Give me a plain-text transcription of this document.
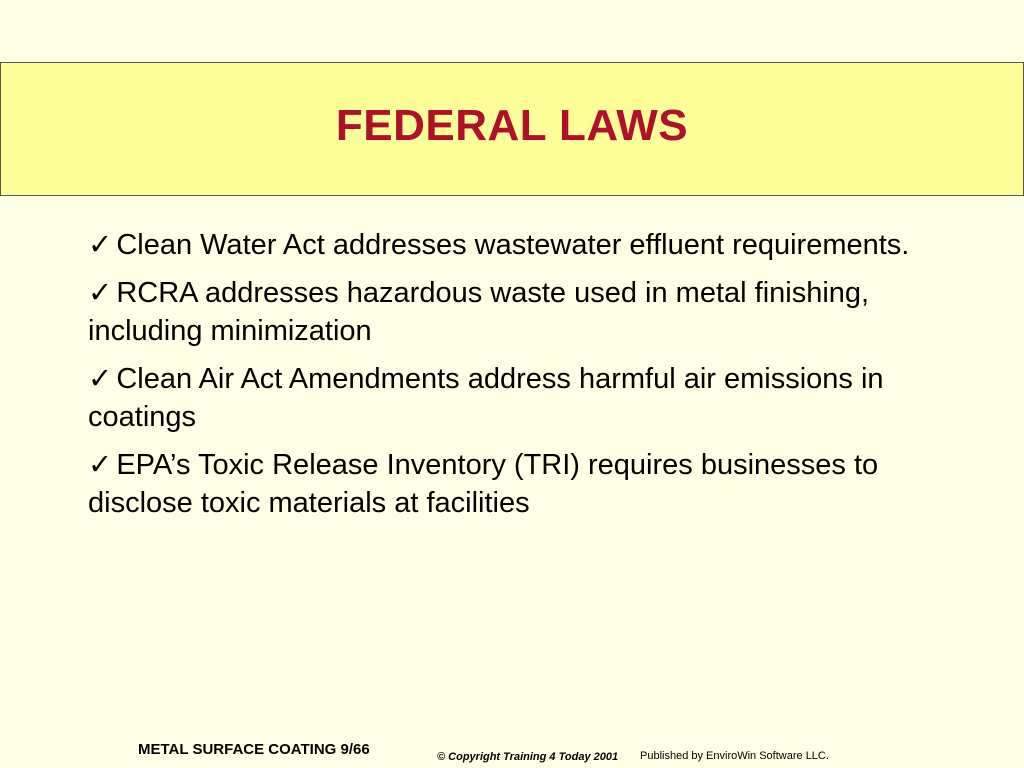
FEDERAL LAWS
✓ Clean Water Act addresses wastewater effluent requirements.
✓ RCRA addresses hazardous waste used in metal finishing, including minimization
✓ Clean Air Act Amendments address harmful air emissions in coatings
✓ EPA’s Toxic Release Inventory (TRI) requires businesses to disclose toxic materials at facilities
METAL SURFACE COATING 9/66	© Copyright Training 4 Today 2001 Published by EnviroWin Software LLC.
